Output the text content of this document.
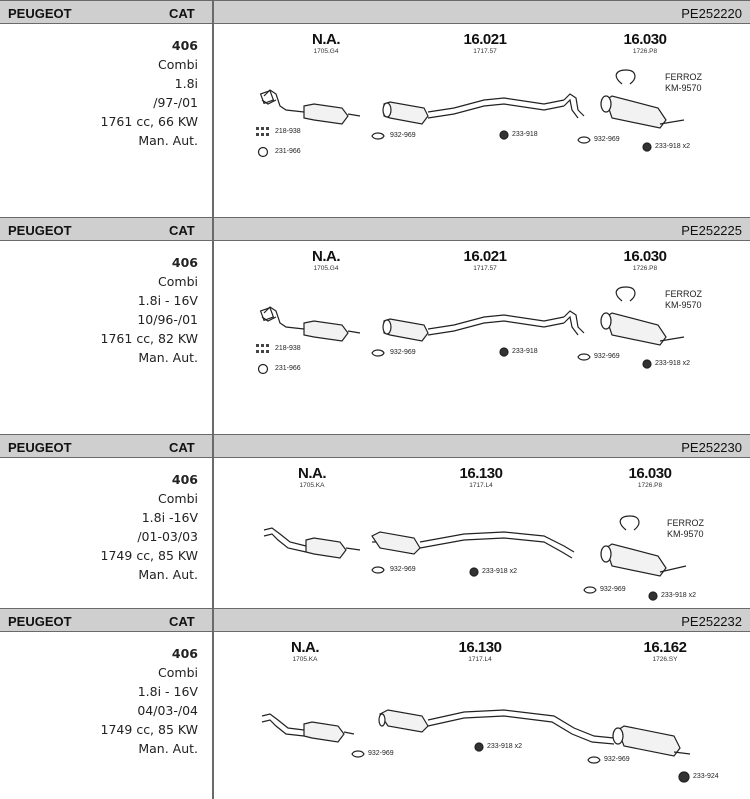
PEUGEOT	CAT	PE252220
406
Combi
1.8i
/97-/01
1761 cc, 66 KW
Man. Aut.
N.A.
1705.G4
16.021
1717.57
16.030
1726.P8
FERROZ
KM-9570
218-938
231-966
932-969	233-918
932-969
233-918 x2
PEUGEOT	CAT	PE252225
406
Combi
1.8i - 16V
10/96-/01
1761 cc, 82 KW
Man. Aut.
N.A.
1705.G4
16.021
1717.57
16.030
1726.P8
FERROZ
KM-9570
218-938
231-966
932-969	233-918
932-969
233-918 x2
PEUGEOT	CAT	PE252230
406
Combi
1.8i -16V
/01-03/03
1749 cc, 85 KW
Man. Aut.
N.A.
1705.KA
16.130
1717.L4
16.030
1726.P8
FERROZ
KM-9570
932-969	233-918 x2
932-969
233-918 x2
PEUGEOT	CAT	PE252232
406
Combi
1.8i - 16V
04/03-/04
1749 cc, 85 KW
Man. Aut.
N.A.
1705.KA
16.130
1717.L4
16.162
1726.SY
932-969
233-918 x2
932-969
233-924
